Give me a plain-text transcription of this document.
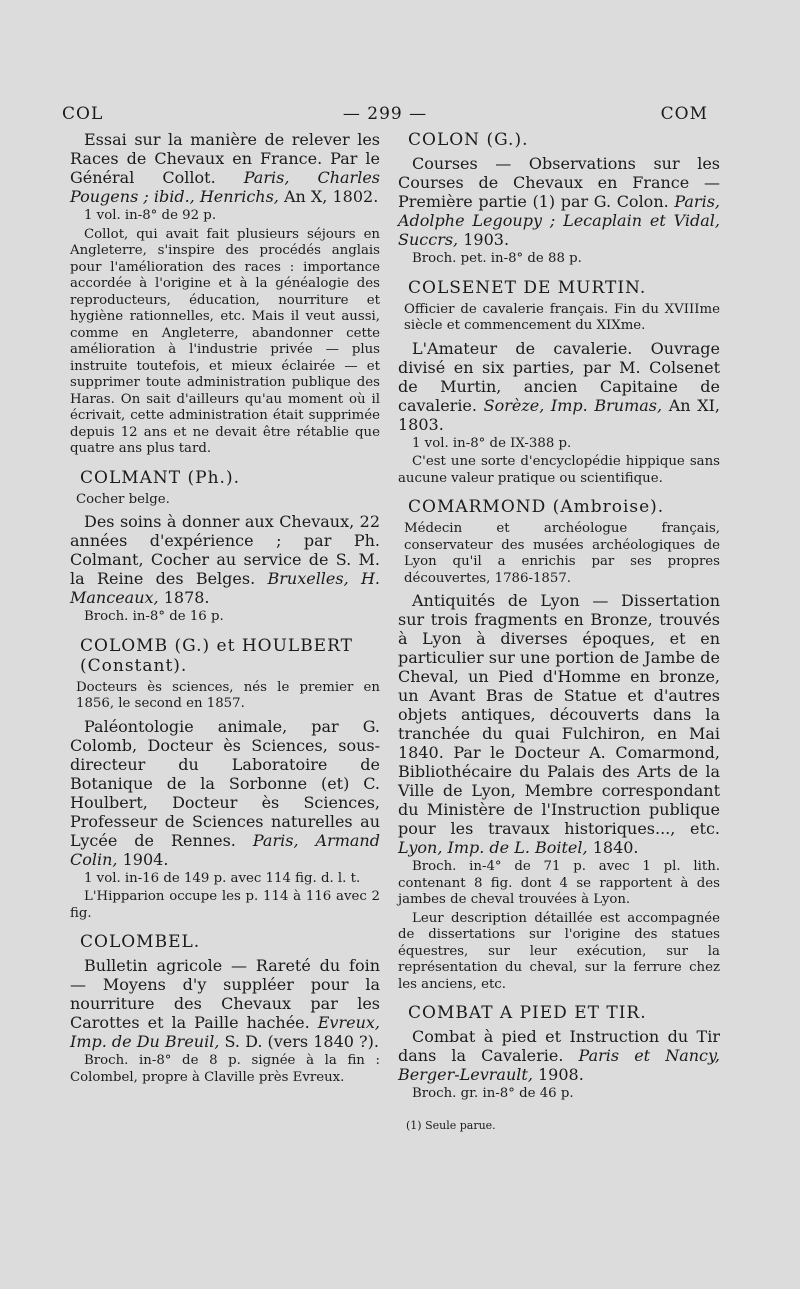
COL	— 299 —	COM

Essai sur la manière de relever les Races de Chevaux en France. Par le Général Collot. Paris, Charles Pougens ; ibid., Henrichs, An X, 1802.

1 vol. in-8° de 92 p.

Collot, qui avait fait plusieurs séjours en Angleterre, s'inspire des procédés anglais pour l'amélioration des races : importance accordée à l'origine et à la généalogie des reproducteurs, éducation, nourriture et hygiène rationnelles, etc. Mais il veut aussi, comme en Angleterre, abandonner cette amélioration à l'industrie privée — plus instruite toutefois, et mieux éclairée — et supprimer toute administration publique des Haras. On sait d'ailleurs qu'au moment où il écrivait, cette administration était supprimée depuis 12 ans et ne devait être rétablie que quatre ans plus tard.

COLMANT (Ph.).
Cocher belge.

Des soins à donner aux Chevaux, 22 années d'expérience ; par Ph. Colmant, Cocher au service de S. M. la Reine des Belges. Bruxelles, H. Manceaux, 1878.

Broch. in-8° de 16 p.

COLOMB (G.) et HOULBERT (Constant).
Docteurs ès sciences, nés le premier en 1856, le second en 1857.

Paléontologie animale, par G. Colomb, Docteur ès Sciences, sous-directeur du Laboratoire de Botanique de la Sorbonne (et) C. Houlbert, Docteur ès Sciences, Professeur de Sciences naturelles au Lycée de Rennes. Paris, Armand Colin, 1904.

1 vol. in-16 de 149 p. avec 114 fig. d. l. t.

L'Hipparion occupe les p. 114 à 116 avec 2 fig.

COLOMBEL.

Bulletin agricole — Rareté du foin — Moyens d'y suppléer pour la nourriture des Chevaux par les Carottes et la Paille hachée. Evreux, Imp. de Du Breuil, S. D. (vers 1840 ?).

Broch. in-8° de 8 p. signée à la fin : Colombel, propre à Claville près Evreux.

COLON (G.).

Courses — Observations sur les Courses de Chevaux en France — Première partie (1) par G. Colon. Paris, Adolphe Legoupy ; Lecaplain et Vidal, Succrs, 1903.

Broch. pet. in-8° de 88 p.

COLSENET DE MURTIN.
Officier de cavalerie français. Fin du XVIIIme siècle et commencement du XIXme.

L'Amateur de cavalerie. Ouvrage divisé en six parties, par M. Colsenet de Murtin, ancien Capitaine de cavalerie. Sorèze, Imp. Brumas, An XI, 1803.

1 vol. in-8° de IX-388 p.

C'est une sorte d'encyclopédie hippique sans aucune valeur pratique ou scientifique.

COMARMOND (Ambroise).
Médecin et archéologue français, conservateur des musées archéologiques de Lyon qu'il a enrichis par ses propres découvertes, 1786-1857.

Antiquités de Lyon — Dissertation sur trois fragments en Bronze, trouvés à Lyon à diverses époques, et en particulier sur une portion de Jambe de Cheval, un Pied d'Homme en bronze, un Avant Bras de Statue et d'autres objets antiques, découverts dans la tranchée du quai Fulchiron, en Mai 1840. Par le Docteur A. Comarmond, Bibliothécaire du Palais des Arts de la Ville de Lyon, Membre correspondant du Ministère de l'Instruction publique pour les travaux historiques..., etc. Lyon, Imp. de L. Boitel, 1840.

Broch. in-4° de 71 p. avec 1 pl. lith. contenant 8 fig. dont 4 se rapportent à des jambes de cheval trouvées à Lyon.

Leur description détaillée est accompagnée de dissertations sur l'origine des statues équestres, sur leur exécution, sur la représentation du cheval, sur la ferrure chez les anciens, etc.

COMBAT A PIED ET TIR.

Combat à pied et Instruction du Tir dans la Cavalerie. Paris et Nancy, Berger-Levrault, 1908.

Broch. gr. in-8° de 46 p.

(1) Seule parue.
